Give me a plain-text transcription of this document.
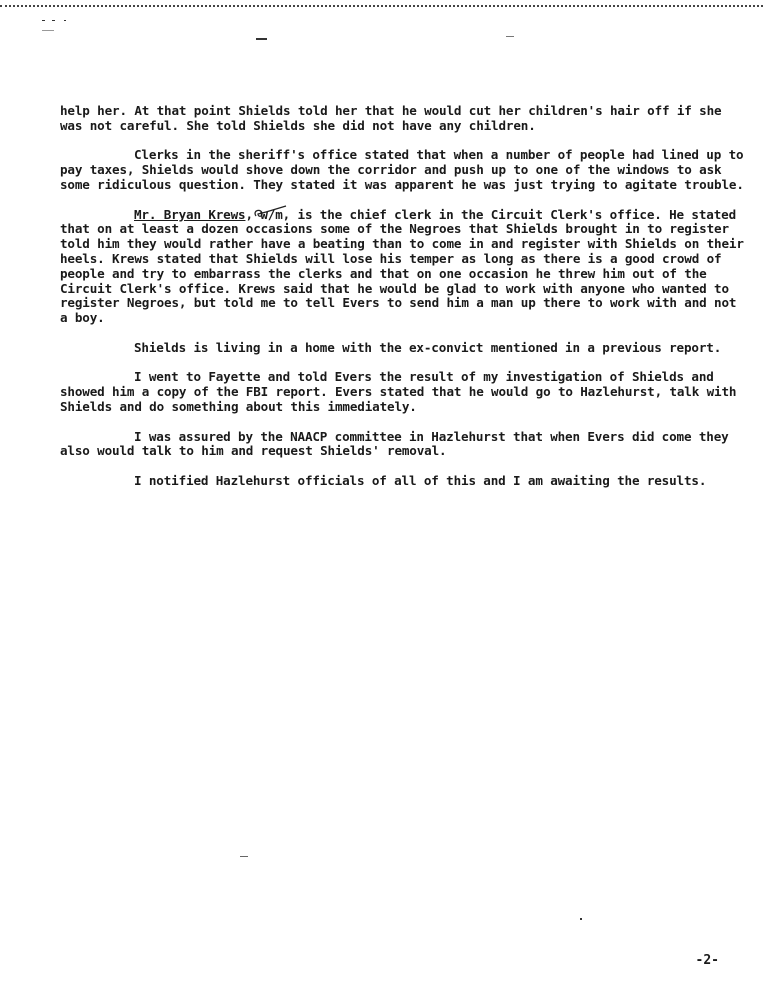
help her. At that point Shields told her that he would cut her children's hair off if she was not careful. She told Shields she did not have any children.

Clerks in the sheriff's office stated that when a number of people had lined up to pay taxes, Shields would shove down the corridor and push up to one of the windows to ask some ridiculous question. They stated it was apparent he was just trying to agitate trouble.

Mr. Bryan Krews, w/m, is the chief clerk in the Circuit Clerk's office. He stated that on at least a dozen occasions some of the Negroes that Shields brought in to register told him they would rather have a beating than to come in and register with Shields on their heels. Krews stated that Shields will lose his temper as long as there is a good crowd of people and try to embarrass the clerks and that on one occasion he threw him out of the Circuit Clerk's office. Krews said that he would be glad to work with anyone who wanted to register Negroes, but told me to tell Evers to send him a man up there to work with and not a boy.

Shields is living in a home with the ex-convict mentioned in a previous report.

I went to Fayette and told Evers the result of my investigation of Shields and showed him a copy of the FBI report. Evers stated that he would go to Hazlehurst, talk with Shields and do something about this immediately.

I was assured by the NAACP committee in Hazlehurst that when Evers did come they also would talk to him and request Shields' removal.

I notified Hazlehurst officials of all of this and I am awaiting the results.

-2-
